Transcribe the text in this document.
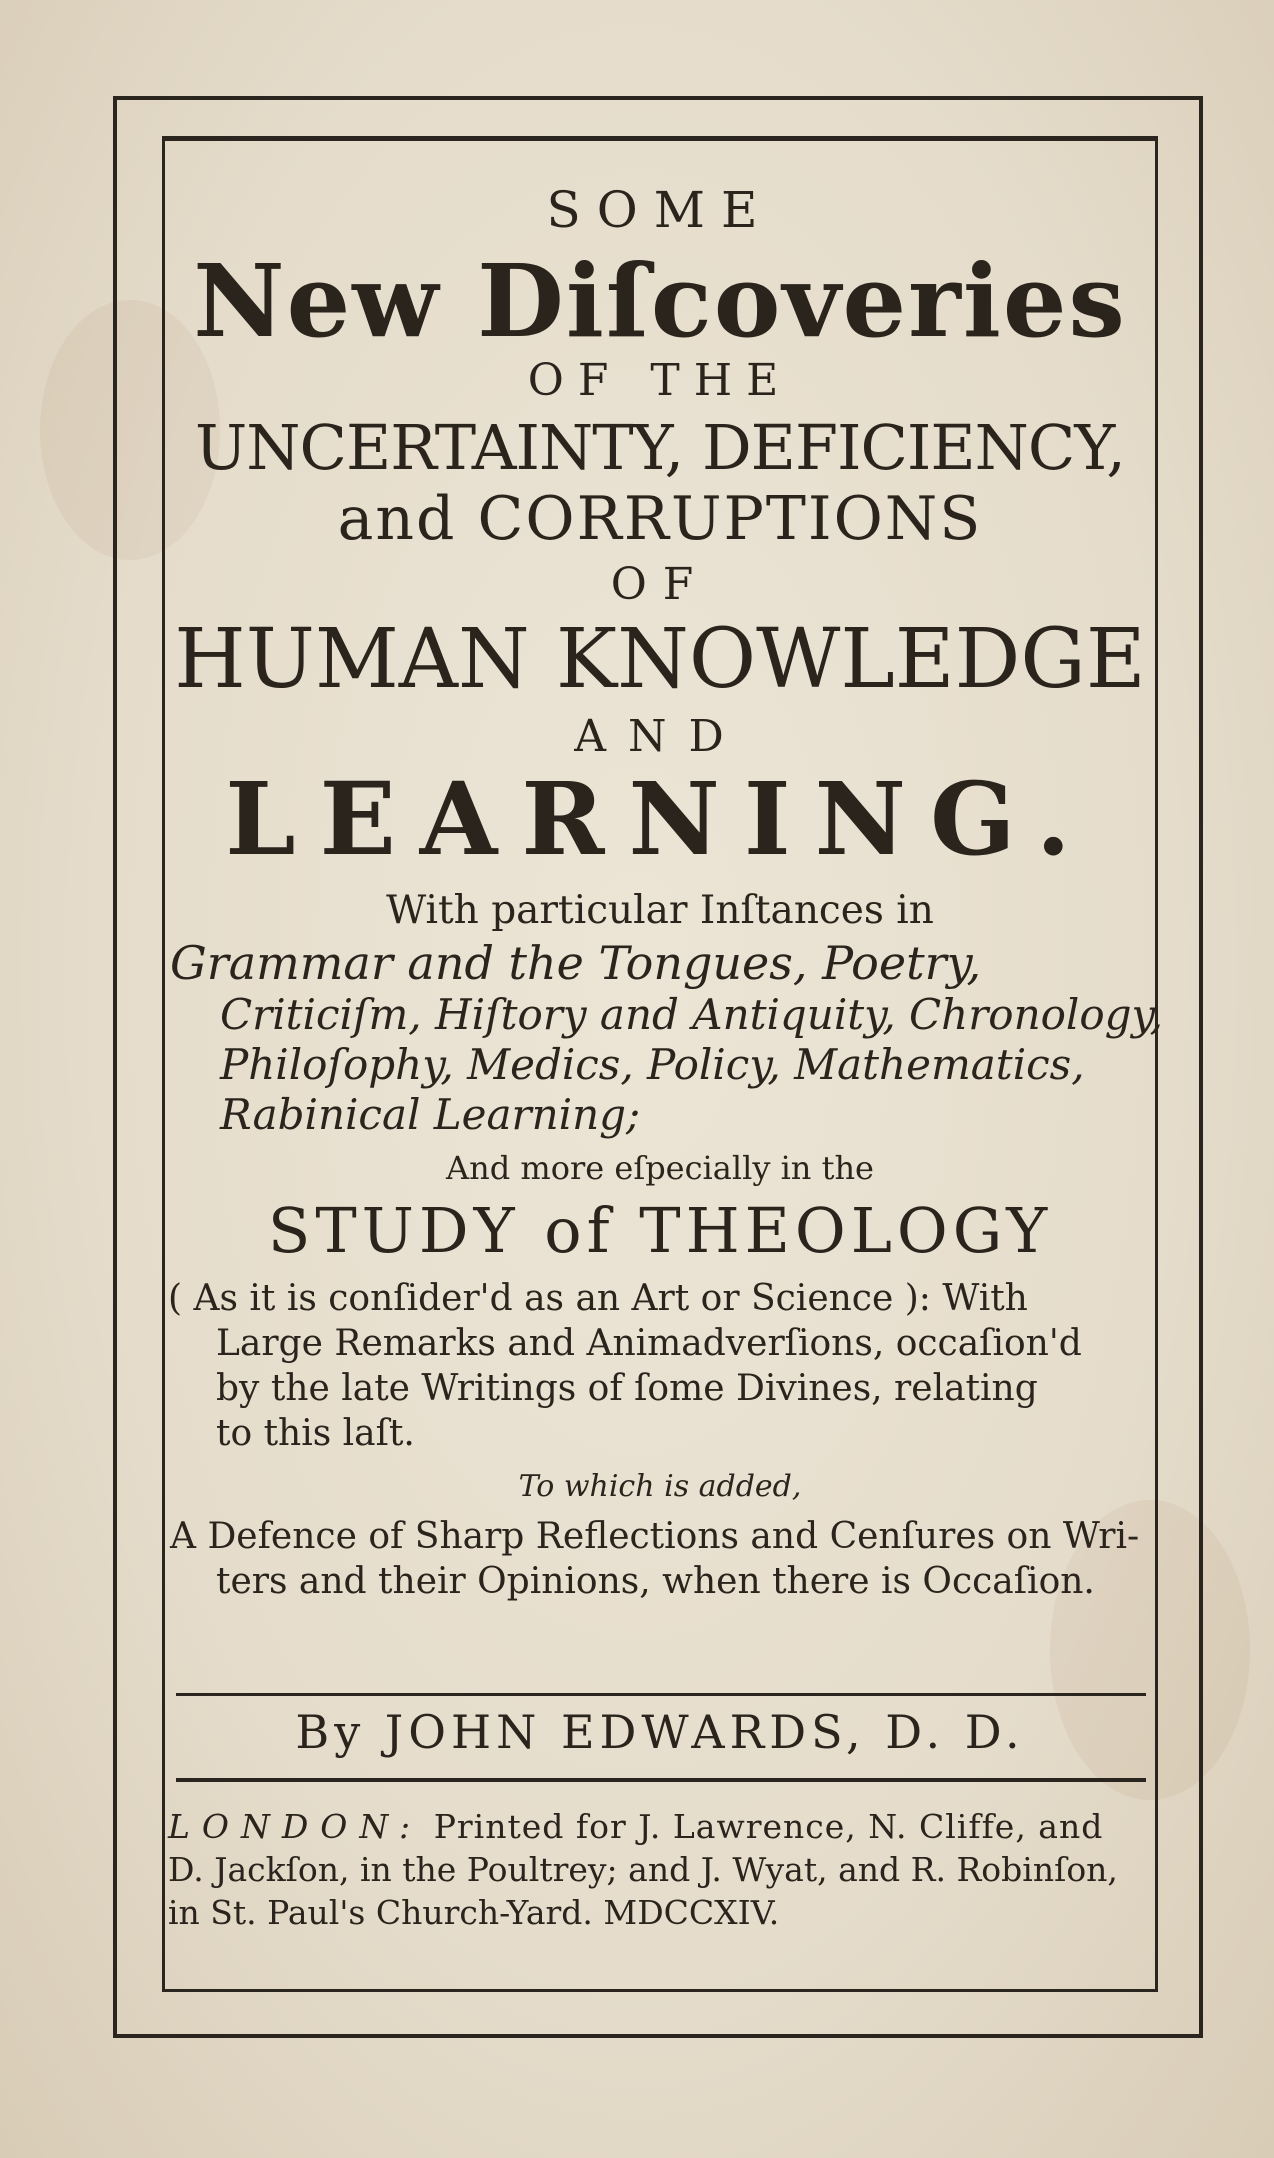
SOME
New Diſcoveries
OF THE
UNCERTAINTY, DEFICIENCY,
and CORRUPTIONS
OF
HUMAN KNOWLEDGE
AND
LEARNING.
With particular Inſtances in
Grammar and the Tongues, Poetry,
Criticiſm, Hiſtory and Antiquity, Chronology,
Philoſophy, Medics, Policy, Mathematics,
Rabinical Learning;
And more eſpecially in the
STUDY of THEOLOGY
( As it is conſider'd as an Art or Science ): With
Large Remarks and Animadverſions, occaſion'd
by the late Writings of ſome Divines, relating
to this laſt.
To which is added,
A Defence of Sharp Reflections and Cenſures on Wri-
ters and their Opinions, when there is Occaſion.
By JOHN EDWARDS, D. D.
LONDON: Printed for J. Lawrence, N. Cliffe, and
D. Jackſon, in the Poultrey; and J. Wyat, and R. Robinſon,
in St. Paul's Church-Yard. MDCCXIV.
